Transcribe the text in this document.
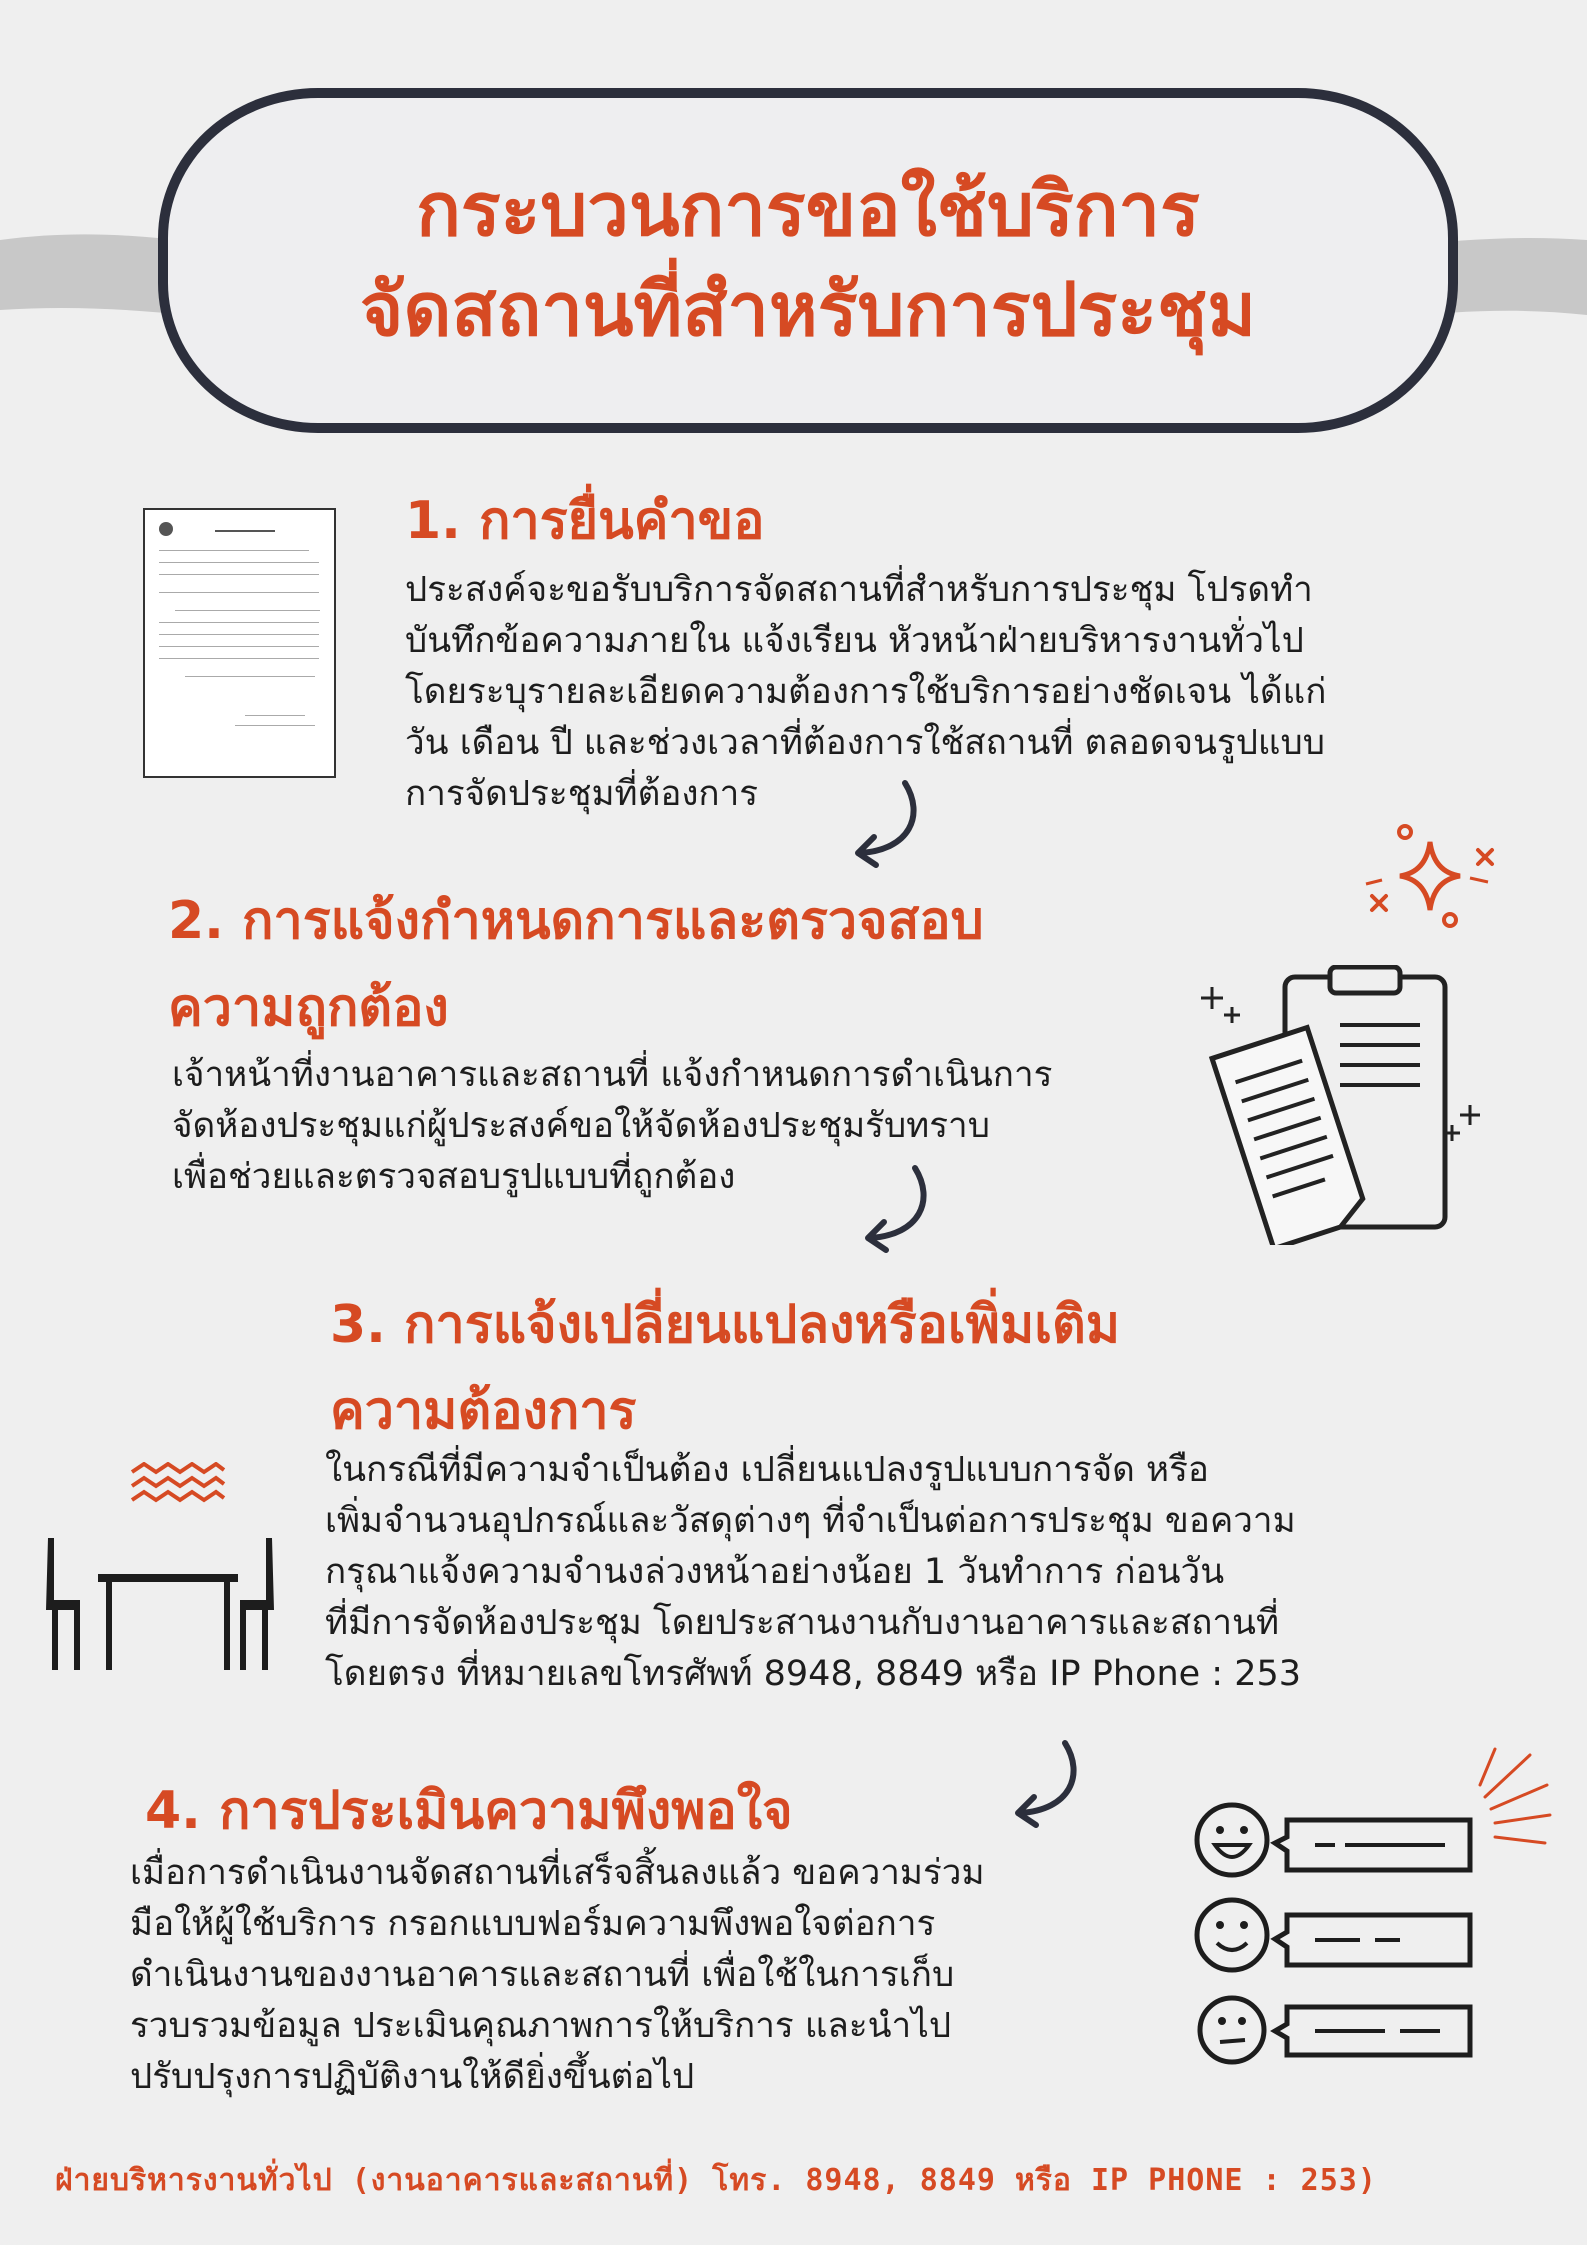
กระบวนการขอใช้บริการ
จัดสถานที่สำหรับการประชุม
1. การยื่นคำขอ
ประสงค์จะขอรับบริการจัดสถานที่สำหรับการประชุม โปรดทำ
บันทึกข้อความภายใน แจ้งเรียน หัวหน้าฝ่ายบริหารงานทั่วไป
โดยระบุรายละเอียดความต้องการใช้บริการอย่างชัดเจน ได้แก่
วัน เดือน ปี และช่วงเวลาที่ต้องการใช้สถานที่ ตลอดจนรูปแบบ
การจัดประชุมที่ต้องการ
2. การแจ้งกำหนดการและตรวจสอบ
ความถูกต้อง
เจ้าหน้าที่งานอาคารและสถานที่ แจ้งกำหนดการดำเนินการ
จัดห้องประชุมแก่ผู้ประสงค์ขอให้จัดห้องประชุมรับทราบ
เพื่อช่วยและตรวจสอบรูปแบบที่ถูกต้อง
3. การแจ้งเปลี่ยนแปลงหรือเพิ่มเติม
ความต้องการ
ในกรณีที่มีความจำเป็นต้อง เปลี่ยนแปลงรูปแบบการจัด หรือ
เพิ่มจำนวนอุปกรณ์และวัสดุต่างๆ ที่จำเป็นต่อการประชุม ขอความ
กรุณาแจ้งความจำนงล่วงหน้าอย่างน้อย 1 วันทำการ ก่อนวัน
ที่มีการจัดห้องประชุม โดยประสานงานกับงานอาคารและสถานที่
โดยตรง ที่หมายเลขโทรศัพท์ 8948, 8849 หรือ IP Phone : 253
4. การประเมินความพึงพอใจ
เมื่อการดำเนินงานจัดสถานที่เสร็จสิ้นลงแล้ว ขอความร่วม
มือให้ผู้ใช้บริการ กรอกแบบฟอร์มความพึงพอใจต่อการ
ดำเนินงานของงานอาคารและสถานที่ เพื่อใช้ในการเก็บ
รวบรวมข้อมูล ประเมินคุณภาพการให้บริการ และนำไป
ปรับปรุงการปฏิบัติงานให้ดียิ่งขึ้นต่อไป
ฝ่ายบริหารงานทั่วไป (งานอาคารและสถานที่) โทร. 8948, 8849 หรือ IP PHONE : 253)
